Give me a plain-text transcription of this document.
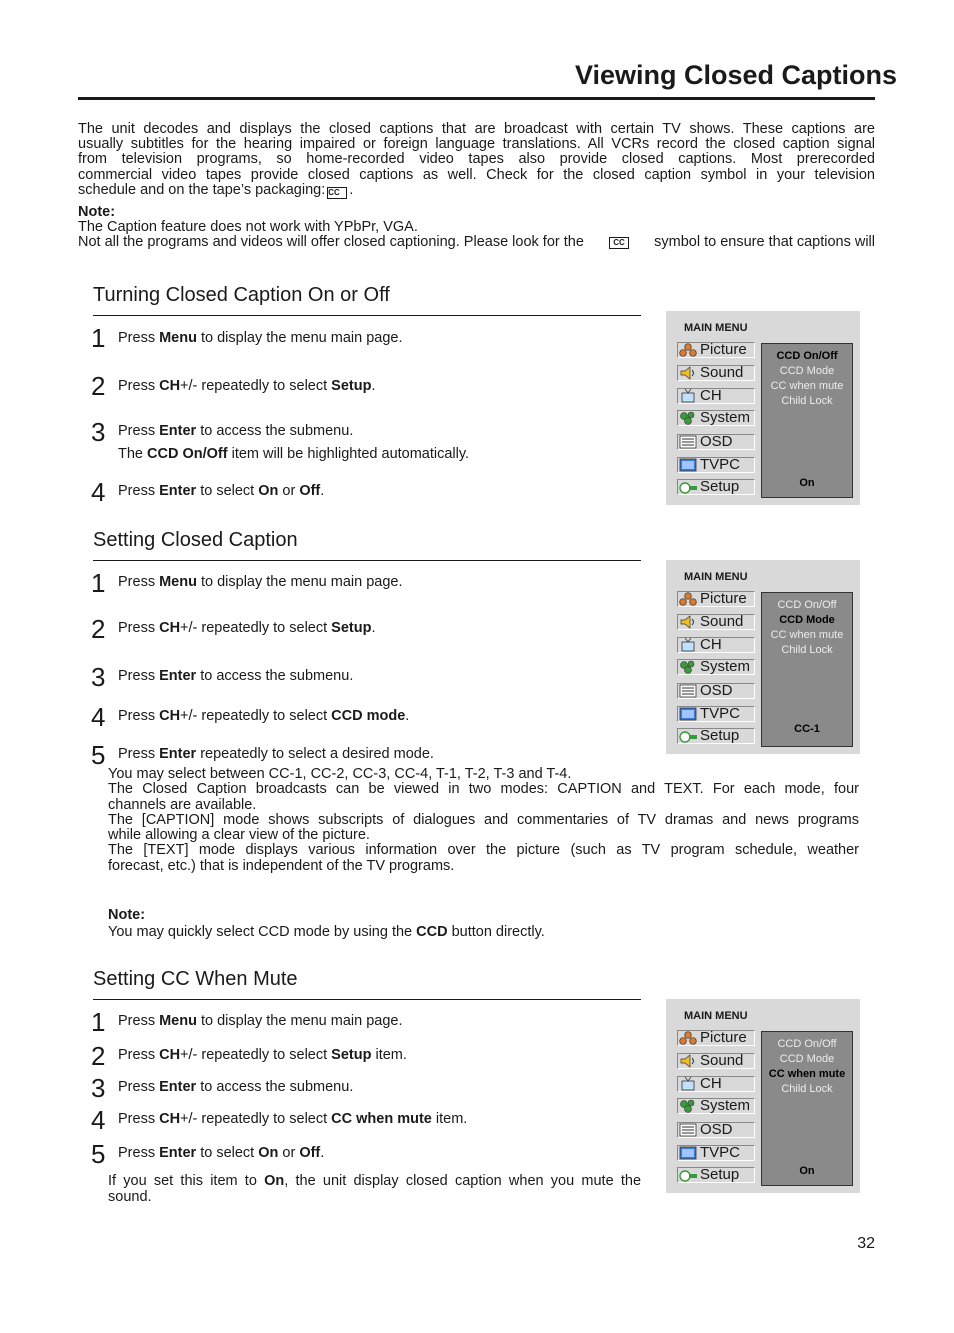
Viewing Closed Captions
The unit decodes and displays the closed captions that are broadcast with certain TV shows. These captions are
usually subtitles for the hearing impaired or foreign language translations. All VCRs record the closed caption signal
from television programs, so home-recorded video tapes also provide closed captions. Most prerecorded
commercial video tapes provide closed captions as well. Check for the closed caption symbol in your television
schedule and on the tape’s packaging: CC .
Note:
The Caption feature does not work with YPbPr, VGA.
Not all the programs and videos will offer closed captioning. Please look for the	CC symbol to ensure that captions will
Turning Closed Caption On or Off
1 Press Menu to display the menu main page.
2 Press CH+/- repeatedly to select Setup.
3 Press Enter to access the submenu.
The CCD On/Off item will be highlighted automatically.
4 Press Enter to select On or Off.
Setting Closed Caption
1 Press Menu to display the menu main page.
2 Press CH+/- repeatedly to select Setup.
3 Press Enter to access the submenu.
4 Press CH+/- repeatedly to select CCD mode.
5 Press Enter repeatedly to select a desired mode.
You may select between CC-1, CC-2, CC-3, CC-4, T-1, T-2, T-3 and T-4.
The Closed Caption broadcasts can be viewed in two modes: CAPTION and TEXT. For each mode, four
channels are available.
The [CAPTION] mode shows subscripts of dialogues and commentaries of TV dramas and news programs
while allowing a clear view of the picture.
The [TEXT] mode displays various information over the picture (such as TV program schedule, weather
forecast, etc.) that is independent of the TV programs.
Note:
You may quickly select CCD mode by using the CCD button directly.
Setting CC When Mute
1 Press Menu to display the menu main page.
2 Press CH+/- repeatedly to select Setup item.
3 Press Enter to access the submenu.
4 Press CH+/- repeatedly to select CC when mute item.
5 Press Enter to select On or Off.
If you set this item to On, the unit display closed caption when you mute the
sound.
MAIN MENU
Picture
Sound
CH
System
OSD
TVPC
Setup
CCD On/Off
CCD Mode
CC when mute
Child Lock
On
MAIN MENU
Picture
Sound
CH
System
OSD
TVPC
Setup
CCD On/Off
CCD Mode
CC when mute
Child Lock
CC-1
MAIN MENU
Picture
Sound
CH
System
OSD
TVPC
Setup
CCD On/Off
CCD Mode
CC when mute
Child Lock
On
32
